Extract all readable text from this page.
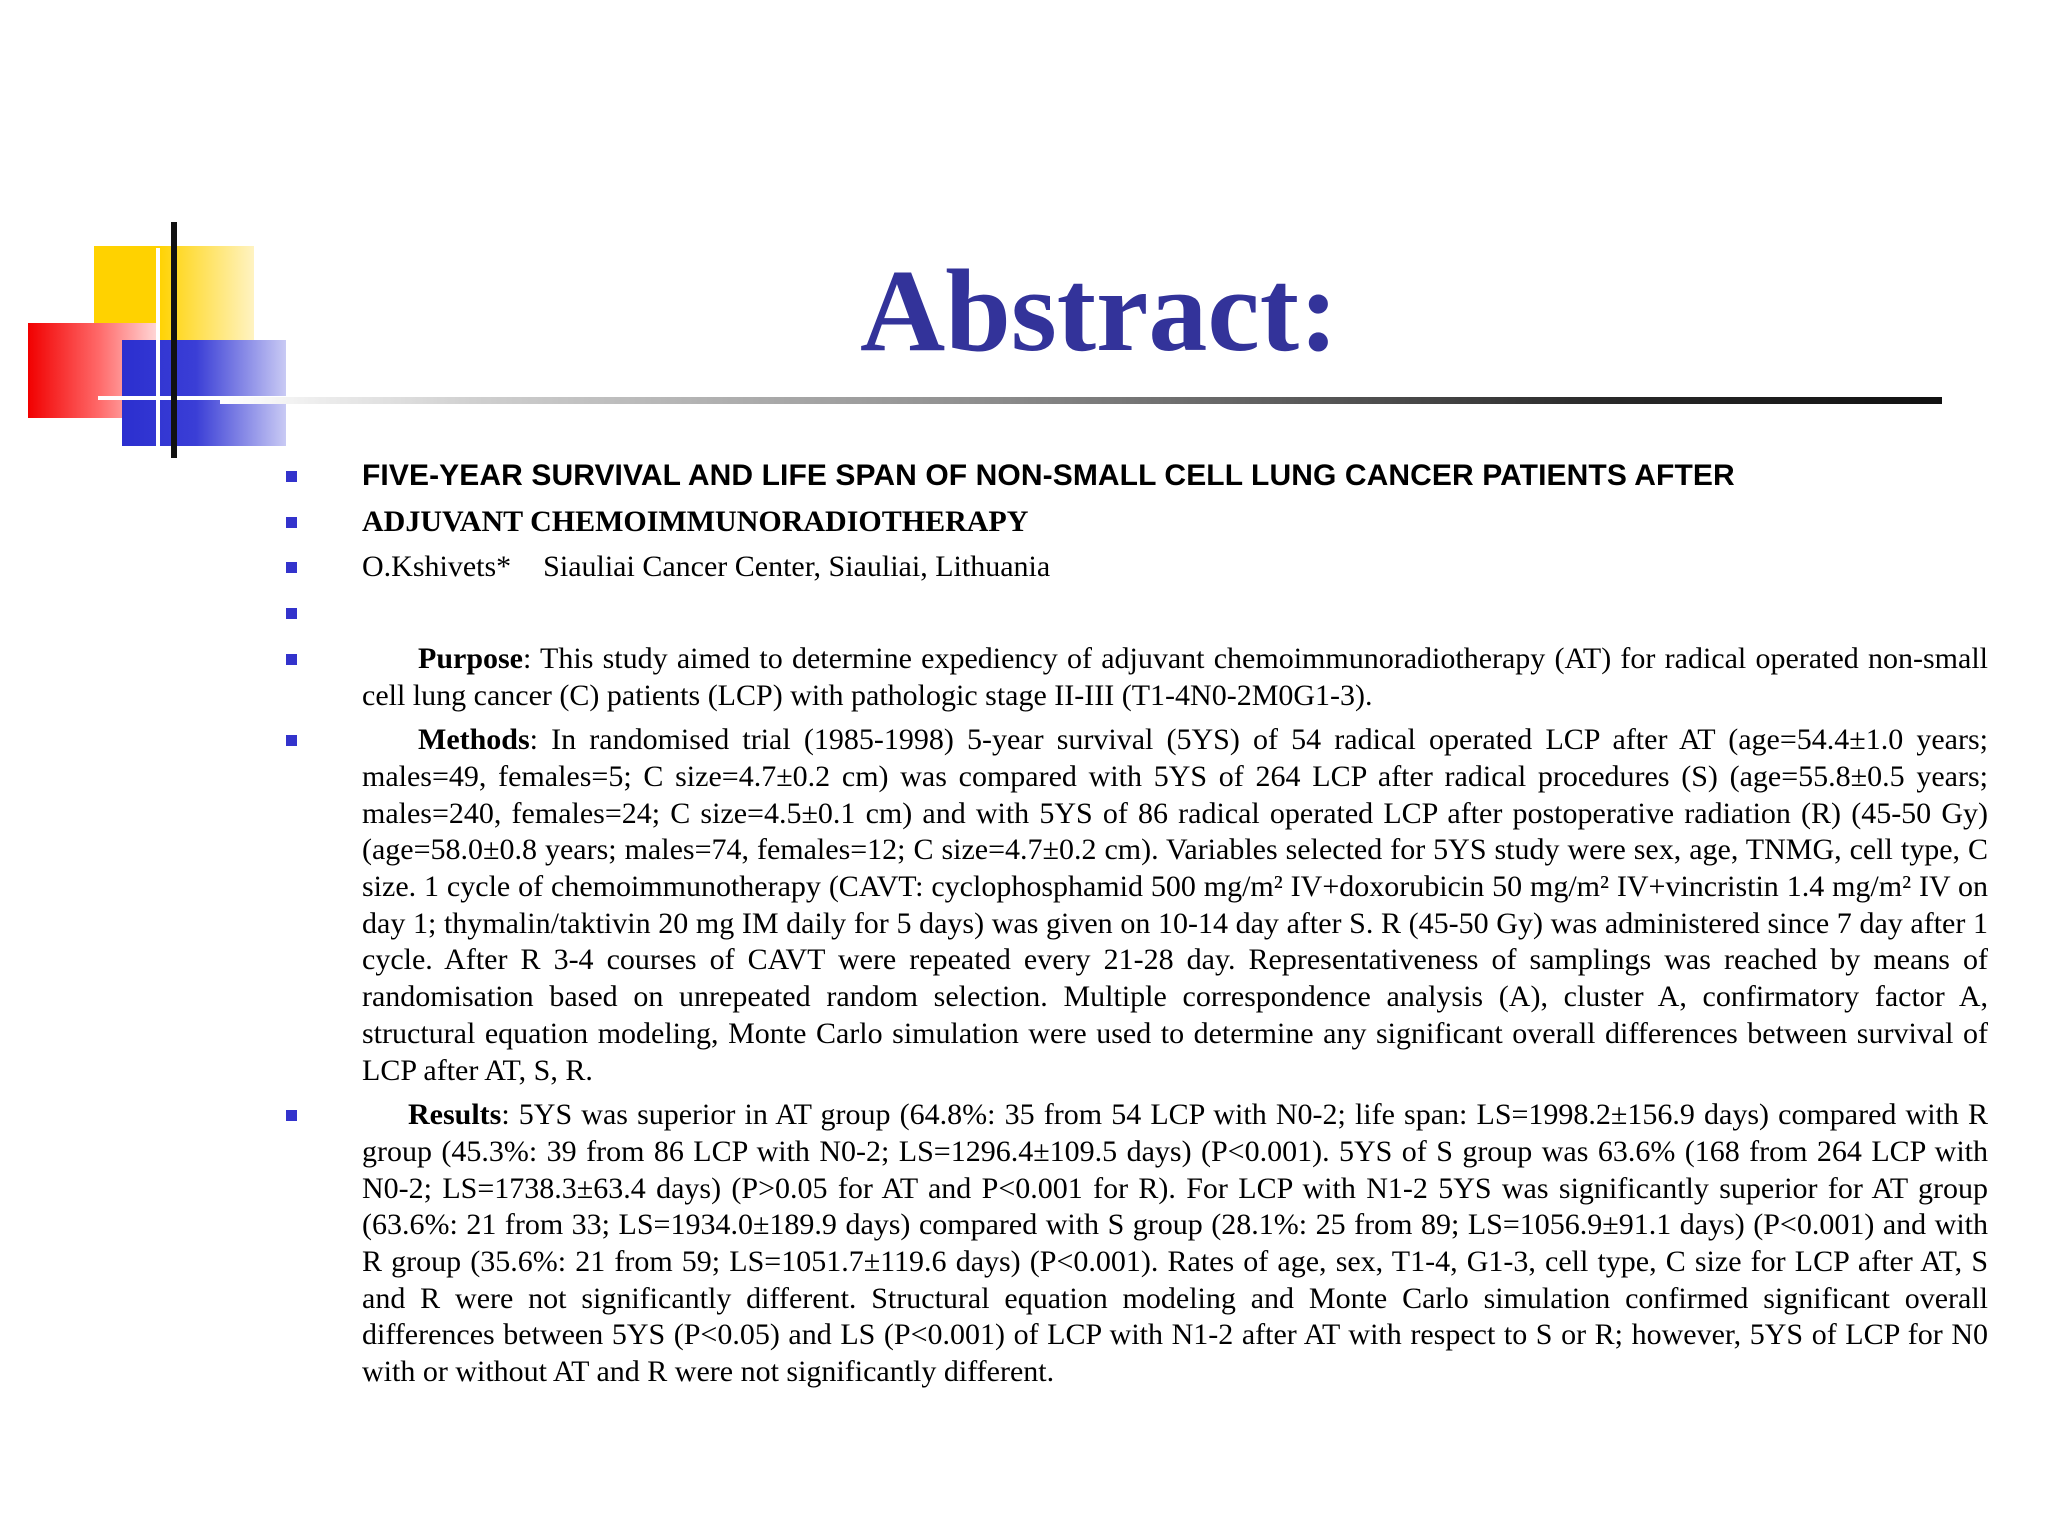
Abstract:
FIVE-YEAR SURVIVAL AND LIFE SPAN OF NON-SMALL CELL LUNG CANCER PATIENTS AFTER
ADJUVANT CHEMOIMMUNORADIOTHERAPY
O.Kshivets* Siauliai Cancer Center, Siauliai, Lithuania
Purpose: This study aimed to determine expediency of adjuvant chemoimmunoradiotherapy (AT) for radical operated non-small cell lung cancer (C) patients (LCP) with pathologic stage II-III (T1-4N0-2M0G1-3).
Methods: In randomised trial (1985-1998) 5-year survival (5YS) of 54 radical operated LCP after AT (age=54.4±1.0 years; males=49, females=5; C size=4.7±0.2 cm) was compared with 5YS of 264 LCP after radical procedures (S) (age=55.8±0.5 years; males=240, females=24; C size=4.5±0.1 cm) and with 5YS of 86 radical operated LCP after postoperative radiation (R) (45-50 Gy) (age=58.0±0.8 years; males=74, females=12; C size=4.7±0.2 cm). Variables selected for 5YS study were sex, age, TNMG, cell type, C size. 1 cycle of chemoimmunotherapy (CAVT: cyclophosphamid 500 mg/m² IV+doxorubicin 50 mg/m² IV+vincristin 1.4 mg/m² IV on day 1; thymalin/taktivin 20 mg IM daily for 5 days) was given on 10-14 day after S. R (45-50 Gy) was administered since 7 day after 1 cycle. After R 3-4 courses of CAVT were repeated every 21-28 day. Representativeness of samplings was reached by means of randomisation based on unrepeated random selection. Multiple correspondence analysis (A), cluster A, confirmatory factor A, structural equation modeling, Monte Carlo simulation were used to determine any significant overall differences between survival of LCP after AT, S, R.
Results: 5YS was superior in AT group (64.8%: 35 from 54 LCP with N0-2; life span: LS=1998.2±156.9 days) compared with R group (45.3%: 39 from 86 LCP with N0-2; LS=1296.4±109.5 days) (P<0.001). 5YS of S group was 63.6% (168 from 264 LCP with N0-2; LS=1738.3±63.4 days) (P>0.05 for AT and P<0.001 for R). For LCP with N1-2 5YS was significantly superior for AT group (63.6%: 21 from 33; LS=1934.0±189.9 days) compared with S group (28.1%: 25 from 89; LS=1056.9±91.1 days) (P<0.001) and with R group (35.6%: 21 from 59; LS=1051.7±119.6 days) (P<0.001). Rates of age, sex, T1-4, G1-3, cell type, C size for LCP after AT, S and R were not significantly different. Structural equation modeling and Monte Carlo simulation confirmed significant overall differences between 5YS (P<0.05) and LS (P<0.001) of LCP with N1-2 after AT with respect to S or R; however, 5YS of LCP for N0 with or without AT and R were not significantly different.
